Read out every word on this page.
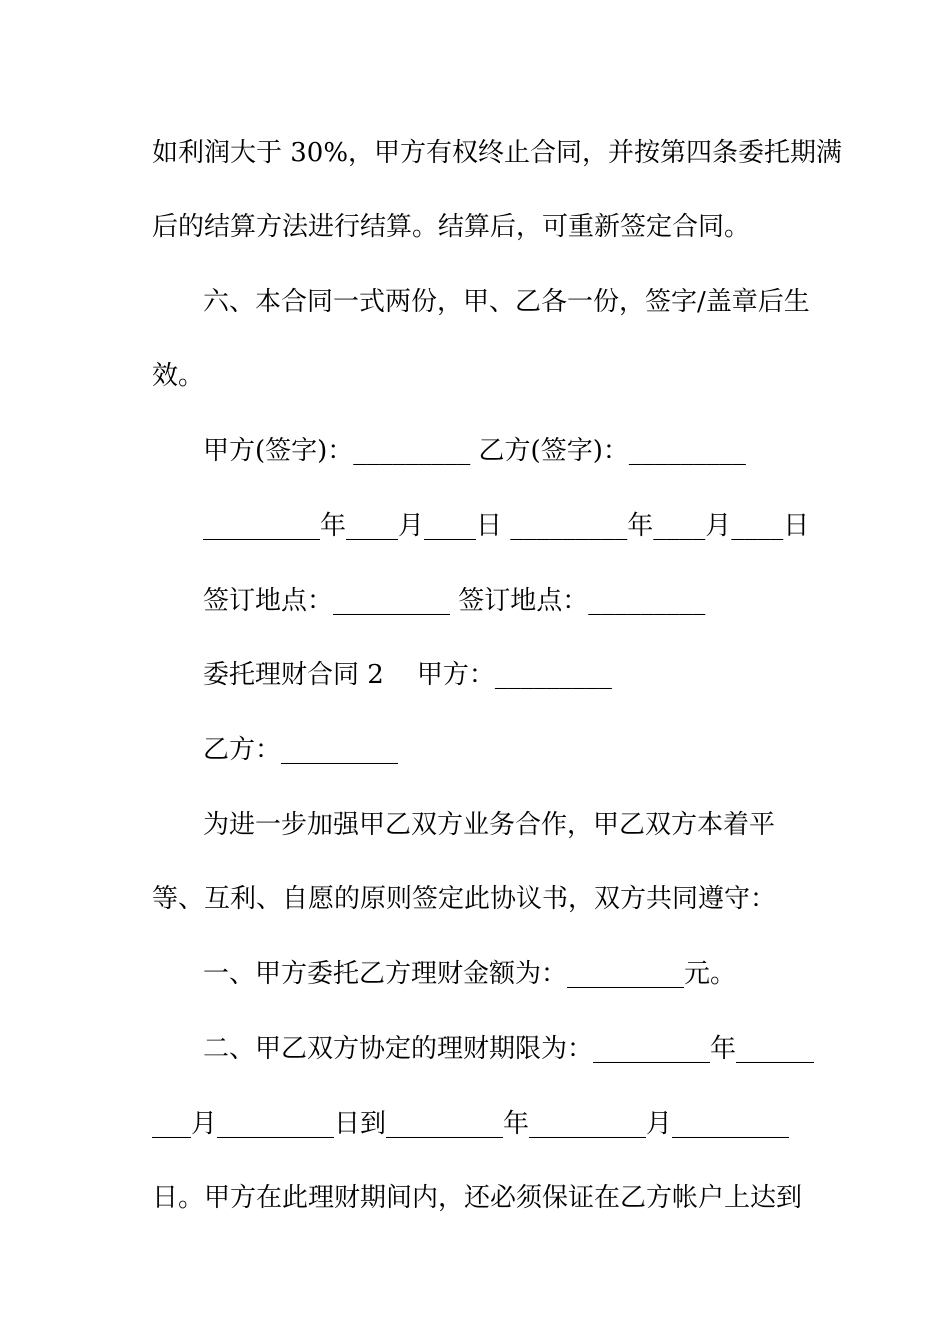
如利润大于 30%，甲方有权终止合同，并按第四条委托期满
后的结算方法进行结算。结算后，可重新签定合同。
六、本合同一式两份，甲、乙各一份，签字/盖章后生
效。
甲方(签字)：_________ 乙方(签字)：_________
_________年____月____日 _________年____月____日
签订地点：_________ 签订地点：_________
委托理财合同 2    甲方：_________
乙方：_________
为进一步加强甲乙双方业务合作，甲乙双方本着平
等、互利、自愿的原则签定此协议书，双方共同遵守：
一、甲方委托乙方理财金额为：_________元。
二、甲乙双方协定的理财期限为：_________年______
___月_________日到_________年_________月_________
日。甲方在此理财期间内，还必须保证在乙方帐户上达到
